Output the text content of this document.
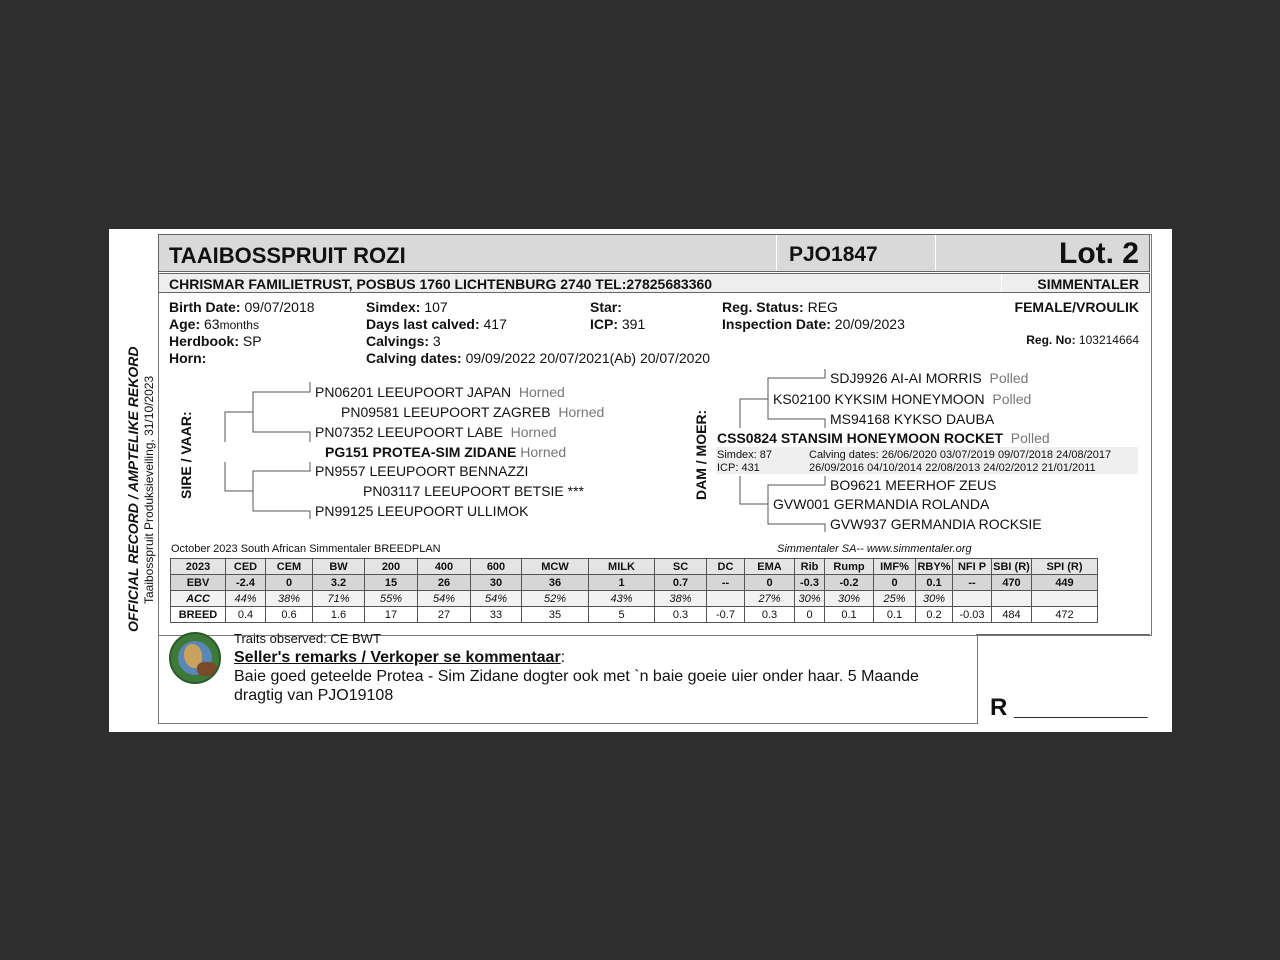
OFFICIAL RECORD / AMPTELIKE REKORD Taaibosspruit Produksieveiling, 31/10/2023
TAAIBOSSPRUIT ROZI	PJO1847	Lot. 2
CHRISMAR FAMILIETRUST, POSBUS 1760 LICHTENBURG 2740 TEL:27825683360	SIMMENTALER
Birth Date: 09/07/2018
Age: 63months
Herdbook: SP
Horn:
Simdex: 107
Days last calved: 417
Calvings: 3
Calving dates: 09/09/2022 20/07/2021(Ab) 20/07/2020
Star:
ICP: 391
Reg. Status: REG
Inspection Date: 20/09/2023
FEMALE/VROULIK
Reg. No: 103214664
SIRE / VAAR:
PN06201 LEEUPOORT JAPAN Horned
PN09581 LEEUPOORT ZAGREB Horned
PN07352 LEEUPOORT LABE Horned
PG151 PROTEA-SIM ZIDANE Horned
PN9557 LEEUPOORT BENNAZZI
PN03117 LEEUPOORT BETSIE ***
PN99125 LEEUPOORT ULLIMOK
DAM / MOER:
SDJ9926 AI-AI MORRIS Polled
KS02100 KYKSIM HONEYMOON Polled
MS94168 KYKSO DAUBA
CSS0824 STANSIM HONEYMOON ROCKET Polled
Simdex: 87
ICP: 431
Calving dates: 26/06/2020 03/07/2019 09/07/2018 24/08/2017
26/09/2016 04/10/2014 22/08/2013 24/02/2012 21/01/2011
BO9621 MEERHOF ZEUS
GVW001 GERMANDIA ROLANDA
GVW937 GERMANDIA ROCKSIE
October 2023 South African Simmentaler BREEDPLAN	Simmentaler SA-- www.simmentaler.org
2023	CED	CEM	BW	200	400	600	MCW	MILK	SC	DC	EMA	Rib	Rump	IMF%	RBY%	NFI P	SBI (R)	SPI (R)
EBV	-2.4	0	3.2	15	26	30	36	1	0.7	--	0	-0.3	-0.2	0	0.1	--	470	449
ACC	44%	38%	71%	55%	54%	54%	52%	43%	38%		27%	30%	30%	25%	30%			
BREED	0.4	0.6	1.6	17	27	33	35	5	0.3	-0.7	0.3	0	0.1	0.1	0.2	-0.03	484	472
Traits observed: CE BWT
Seller's remarks / Verkoper se kommentaar:
Baie goed geteelde Protea - Sim Zidane dogter ook met `n baie goeie uier onder haar. 5 Maande
dragtig van PJO19108	R __________
